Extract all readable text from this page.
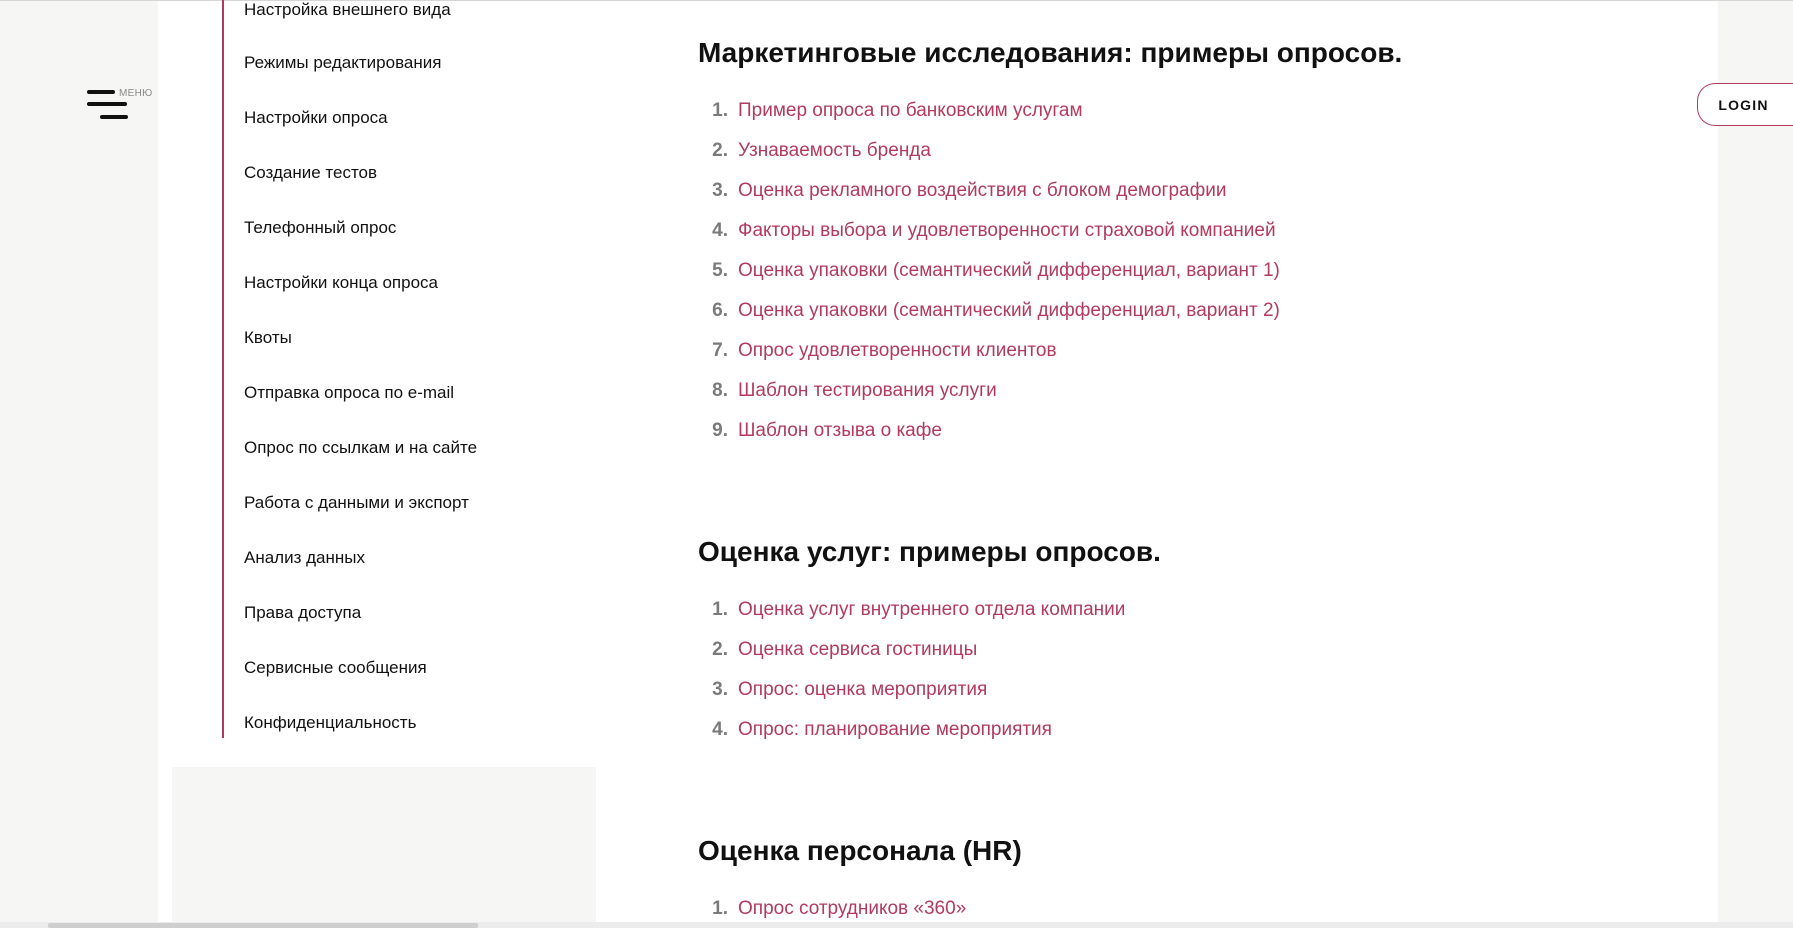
МЕНЮ
LOGIN
Настройка внешнего вида
Режимы редактирования
Настройки опроса
Создание тестов
Телефонный опрос
Настройки конца опроса
Квоты
Отправка опроса по e-mail
Опрос по ссылкам и на сайте
Работа с данными и экспорт
Анализ данных
Права доступа
Сервисные сообщения
Конфиденциальность
Маркетинговые исследования: примеры опросов.
1. Пример опроса по банковским услугам
2. Узнаваемость бренда
3. Оценка рекламного воздействия с блоком демографии
4. Факторы выбора и удовлетворенности страховой компанией
5. Оценка упаковки (семантический дифференциал, вариант 1)
6. Оценка упаковки (семантический дифференциал, вариант 2)
7. Опрос удовлетворенности клиентов
8. Шаблон тестирования услуги
9. Шаблон отзыва о кафе
Оценка услуг: примеры опросов.
1. Оценка услуг внутреннего отдела компании
2. Оценка сервиса гостиницы
3. Опрос: оценка мероприятия
4. Опрос: планирование мероприятия
Оценка персонала (HR)
1. Опрос сотрудников «360»
